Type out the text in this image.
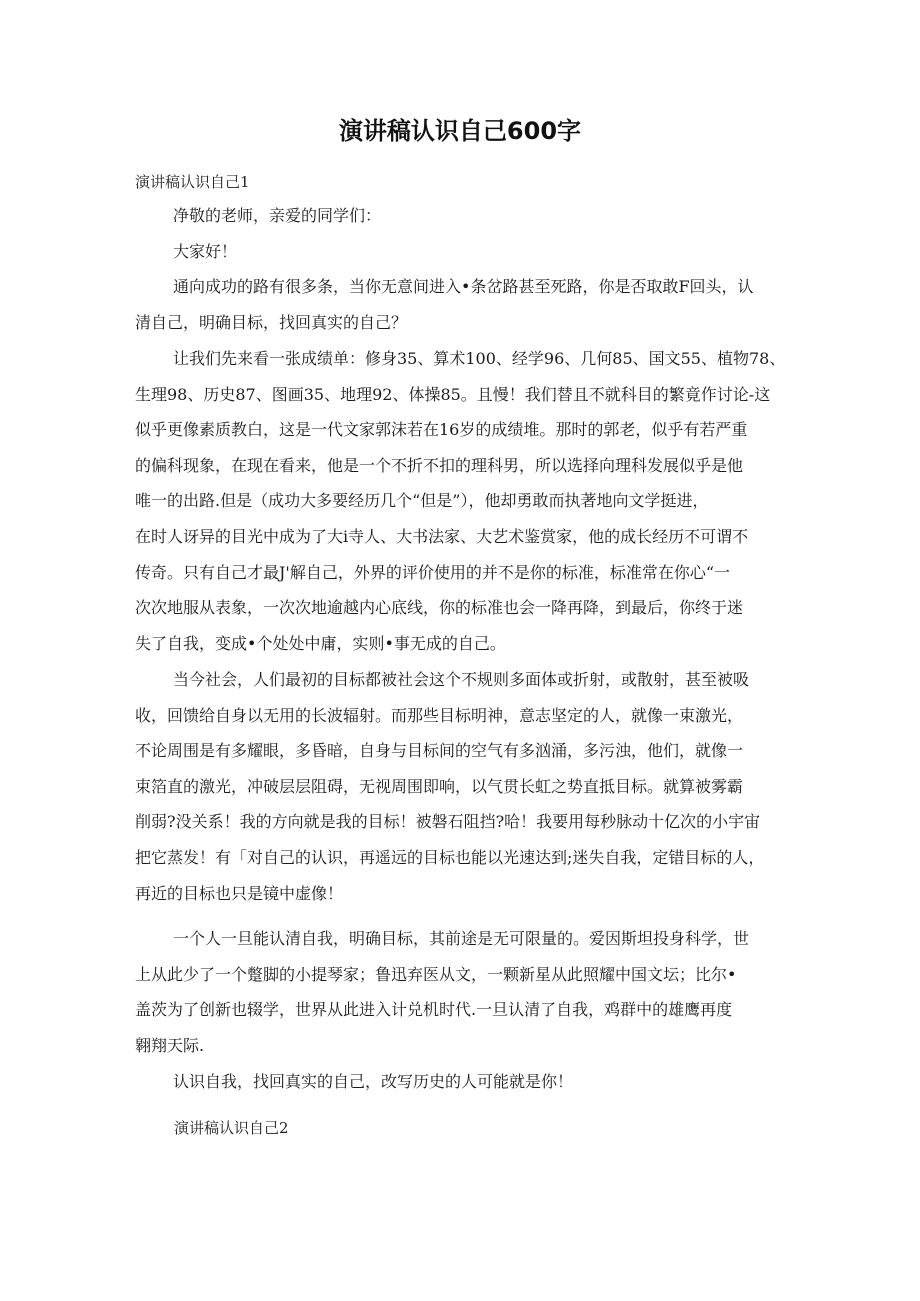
演讲稿认识自己600字
演讲稿认识自己1
净敬的老师，亲爱的同学们：
大家好！
通向成功的路有很多条，当你无意间进入•条岔路甚至死路，你是否取敢F回头，认
清自己，明确目标，找回真实的自己？
让我们先来看一张成绩单：修身35、算术100、经学96、几何85、国文55、植物78、
生理98、历史87、图画35、地理92、体操85。且慢！我们替且不就科目的繁竟作讨论-这
似乎更像素质教白，这是一代文家郭沫若在16岁的成绩堆。那时的郭老，似乎有若严重
的偏科现象，在现在看来，他是一个不折不扣的理科男，所以选择向理科发展似乎是他
唯一的出路.但是（成功大多要经历几个“但是”），他却勇敢而执著地向文学挺进，
在时人讶异的目光中成为了大i寺人、大书法家、大艺术鉴赏家，他的成长经历不可谓不
传奇。只有自己才最J'解自己，外界的评价使用的并不是你的标准，标准常在你心“一
次次地服从表象，一次次地逾越内心底线，你的标准也会一降再降，到最后，你终于迷
失了自我，变成•个处处中庸，实则•事无成的自己。
当今社会，人们最初的目标都被社会这个不规则多面体或折射，或散射，甚至被吸
收，回馈给自身以无用的长波辐射。而那些目标明神，意志坚定的人，就像一束激光，
不论周围是有多耀眼，多昏暗，自身与目标间的空气有多汹涌，多污浊，他们，就像一
束箔直的激光，冲破层层阻碍，无视周围即响，以气贯长虹之势直抵目标。就算被雾霸
削弱?没关系！我的方向就是我的目标！被磐石阻挡?哈！我要用每秒脉动十亿次的小宇宙
把它蒸发！有「对自己的认识，再遥远的目标也能以光速达到;迷失自我，定错目标的人，
再近的目标也只是镜中虚像！
一个人一旦能认清自我，明确目标，其前途是无可限量的。爱因斯坦投身科学，世
上从此少了一个蹩脚的小提琴家；鲁迅弃医从文，一颗新星从此照耀中国文坛；比尔•
盖茨为了创新也辍学，世界从此进入计兑机时代.一旦认清了自我，鸡群中的雄鹰再度
翱翔天际.
认识自我，找回真实的自己，改写历史的人可能就是你！
演讲稿认识自己2
